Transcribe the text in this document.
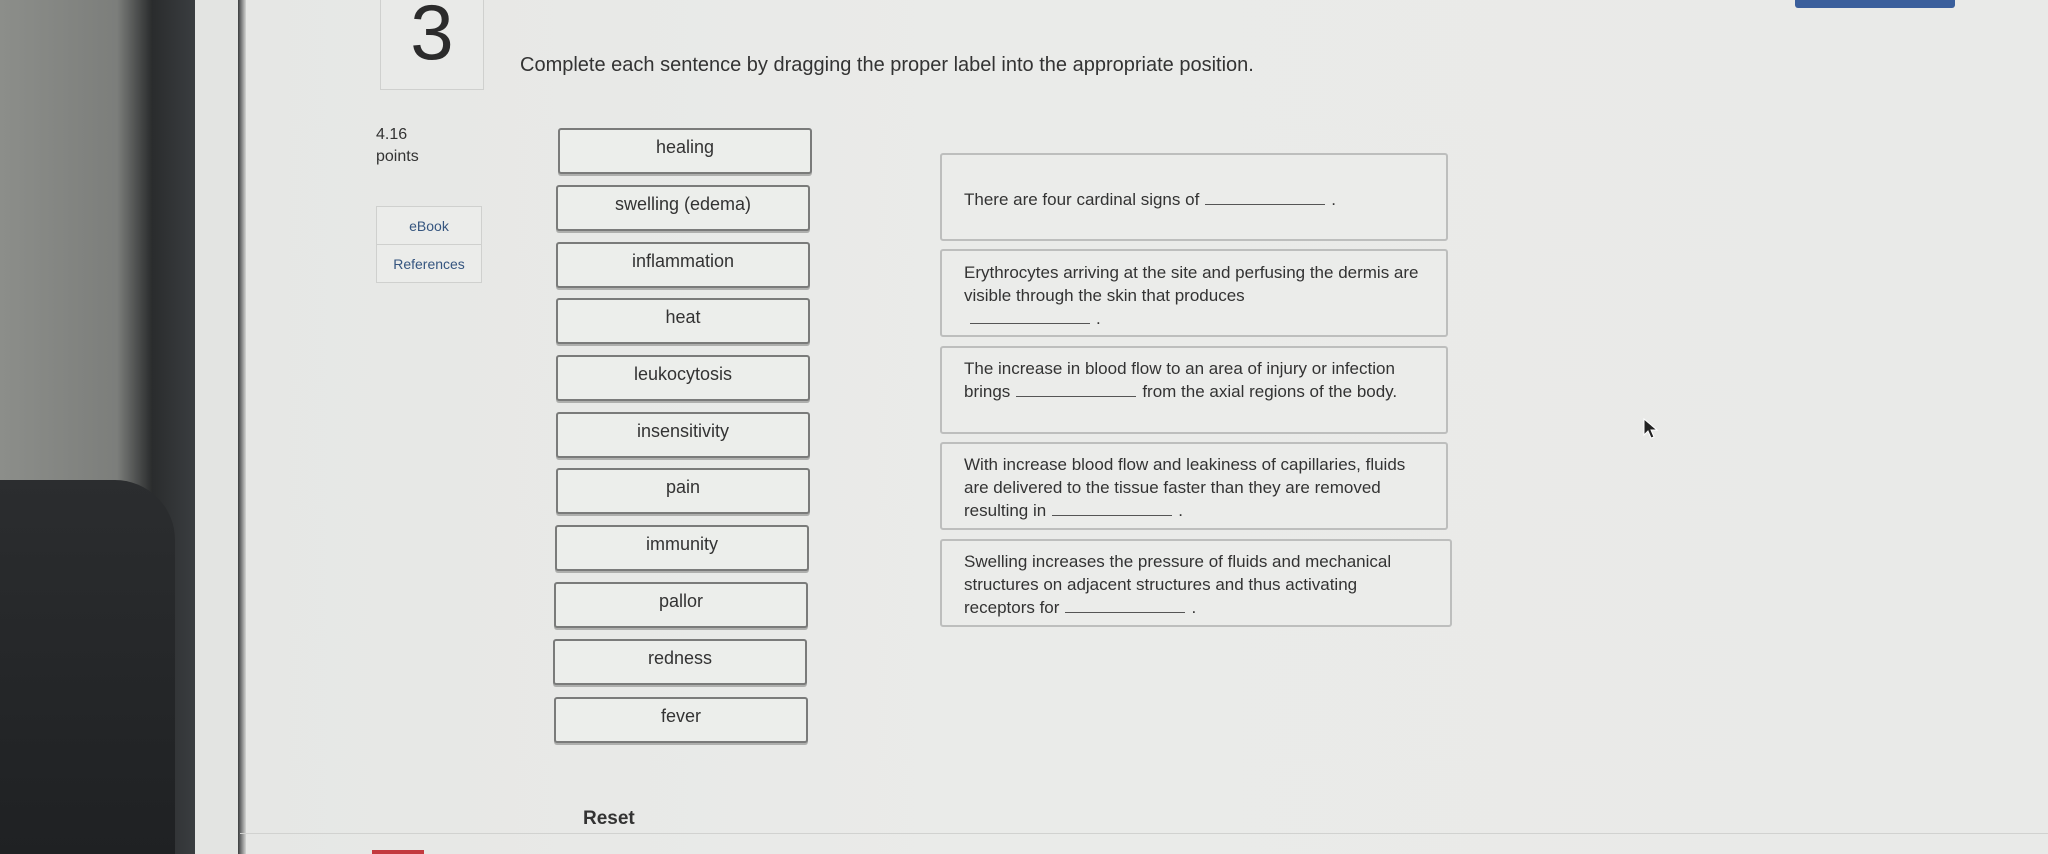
3	Complete each sentence by dragging the proper label into the appropriate position.
4.16
points
eBook
References
healing
swelling (edema)
inflammation
heat
leukocytosis
insensitivity
pain
immunity
pallor
redness
fever
There are four cardinal signs of	.
Erythrocytes arriving at the site and perfusing the dermis are visible through the skin that produces
.
The increase in blood flow to an area of injury or infection brings	from the axial regions of the body.
With increase blood flow and leakiness of capillaries, fluids are delivered to the tissue faster than they are removed resulting in	.
Swelling increases the pressure of fluids and mechanical structures on adjacent structures and thus activating receptors for	.
Reset
